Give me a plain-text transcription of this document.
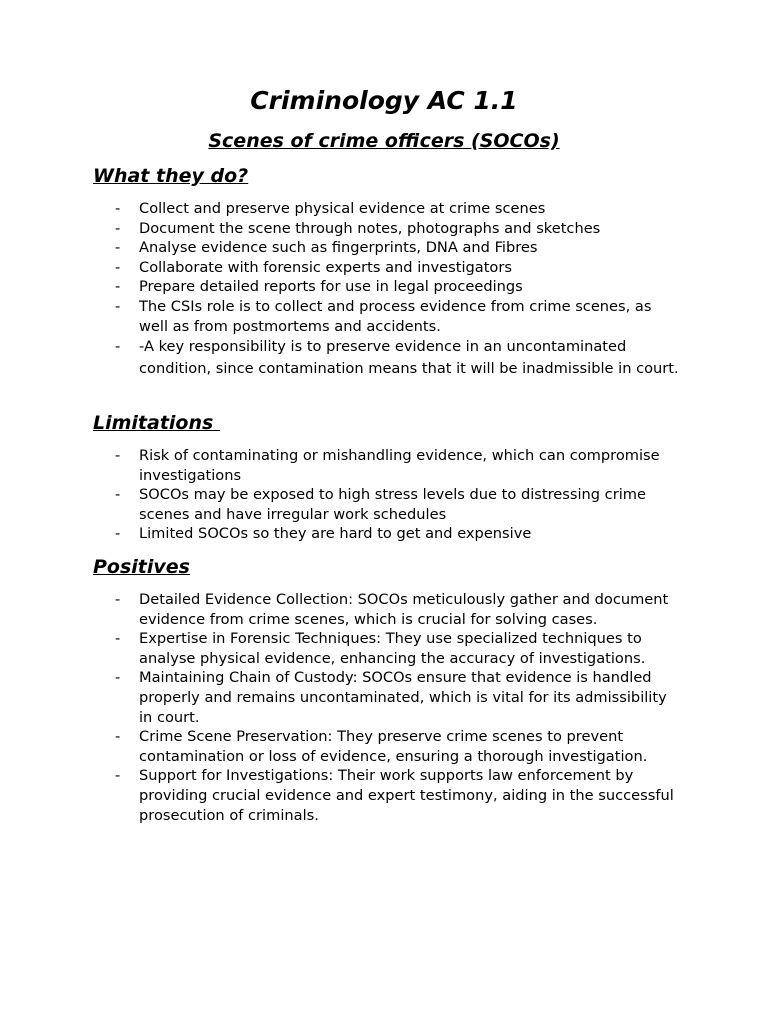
Criminology AC 1.1
Scenes of crime officers (SOCOs)
What they do?
- Collect and preserve physical evidence at crime scenes
- Document the scene through notes, photographs and sketches
- Analyse evidence such as fingerprints, DNA and Fibres
- Collaborate with forensic experts and investigators
- Prepare detailed reports for use in legal proceedings
- The CSIs role is to collect and process evidence from crime scenes, as well as from postmortems and accidents.
- -A key responsibility is to preserve evidence in an uncontaminated condition, since contamination means that it will be inadmissible in court.
Limitations
- Risk of contaminating or mishandling evidence, which can compromise investigations
- SOCOs may be exposed to high stress levels due to distressing crime scenes and have irregular work schedules
- Limited SOCOs so they are hard to get and expensive
Positives
- Detailed Evidence Collection: SOCOs meticulously gather and document evidence from crime scenes, which is crucial for solving cases.
- Expertise in Forensic Techniques: They use specialized techniques to analyse physical evidence, enhancing the accuracy of investigations.
- Maintaining Chain of Custody: SOCOs ensure that evidence is handled properly and remains uncontaminated, which is vital for its admissibility in court.
- Crime Scene Preservation: They preserve crime scenes to prevent contamination or loss of evidence, ensuring a thorough investigation.
- Support for Investigations: Their work supports law enforcement by providing crucial evidence and expert testimony, aiding in the successful prosecution of criminals.
